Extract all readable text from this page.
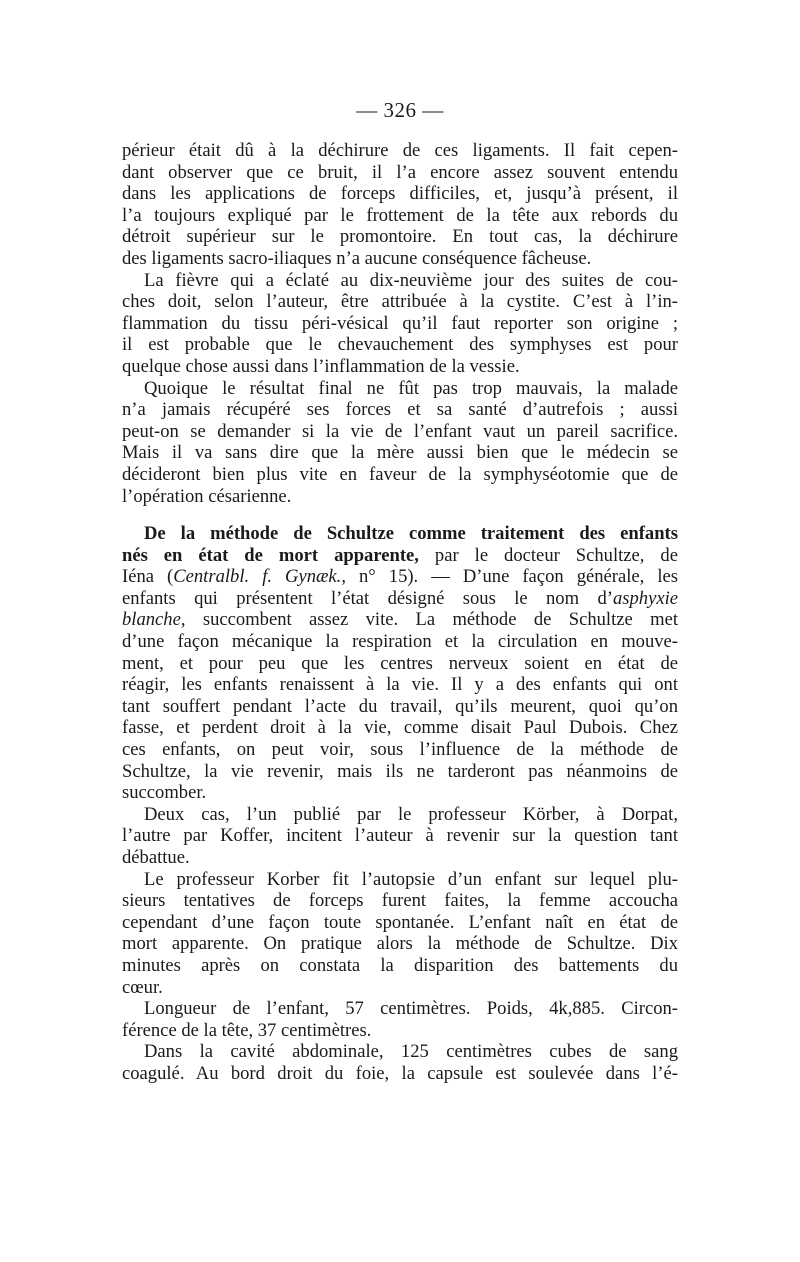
— 326 —
périeur était dû à la déchirure de ces ligaments. Il fait cepen-
dant observer que ce bruit, il l’a encore assez souvent entendu
dans les applications de forceps difficiles, et, jusqu’à présent, il
l’a toujours expliqué par le frottement de la tête aux rebords du
détroit supérieur sur le promontoire. En tout cas, la déchirure
des ligaments sacro-iliaques n’a aucune conséquence fâcheuse.
La fièvre qui a éclaté au dix-neuvième jour des suites de cou-
ches doit, selon l’auteur, être attribuée à la cystite. C’est à l’in-
flammation du tissu péri-vésical qu’il faut reporter son origine ;
il est probable que le chevauchement des symphyses est pour
quelque chose aussi dans l’inflammation de la vessie.
Quoique le résultat final ne fût pas trop mauvais, la malade
n’a jamais récupéré ses forces et sa santé d’autrefois ; aussi
peut-on se demander si la vie de l’enfant vaut un pareil sacrifice.
Mais il va sans dire que la mère aussi bien que le médecin se
décideront bien plus vite en faveur de la symphyséotomie que de
l’opération césarienne.
De la méthode de Schultze comme traitement des enfants
nés en état de mort apparente, par le docteur Schultze, de
Iéna (Centralbl. f. Gynæk., n° 15). — D’une façon générale, les
enfants qui présentent l’état désigné sous le nom d’asphyxie
blanche, succombent assez vite. La méthode de Schultze met
d’une façon mécanique la respiration et la circulation en mouve-
ment, et pour peu que les centres nerveux soient en état de
réagir, les enfants renaissent à la vie. Il y a des enfants qui ont
tant souffert pendant l’acte du travail, qu’ils meurent, quoi qu’on
fasse, et perdent droit à la vie, comme disait Paul Dubois. Chez
ces enfants, on peut voir, sous l’influence de la méthode de
Schultze, la vie revenir, mais ils ne tarderont pas néanmoins de
succomber.
Deux cas, l’un publié par le professeur Körber, à Dorpat,
l’autre par Koffer, incitent l’auteur à revenir sur la question tant
débattue.
Le professeur Korber fit l’autopsie d’un enfant sur lequel plu-
sieurs tentatives de forceps furent faites, la femme accoucha
cependant d’une façon toute spontanée. L’enfant naît en état de
mort apparente. On pratique alors la méthode de Schultze. Dix
minutes après on constata la disparition des battements du
cœur.
Longueur de l’enfant, 57 centimètres. Poids, 4k,885. Circon-
férence de la tête, 37 centimètres.
Dans la cavité abdominale, 125 centimètres cubes de sang
coagulé. Au bord droit du foie, la capsule est soulevée dans l’é-
